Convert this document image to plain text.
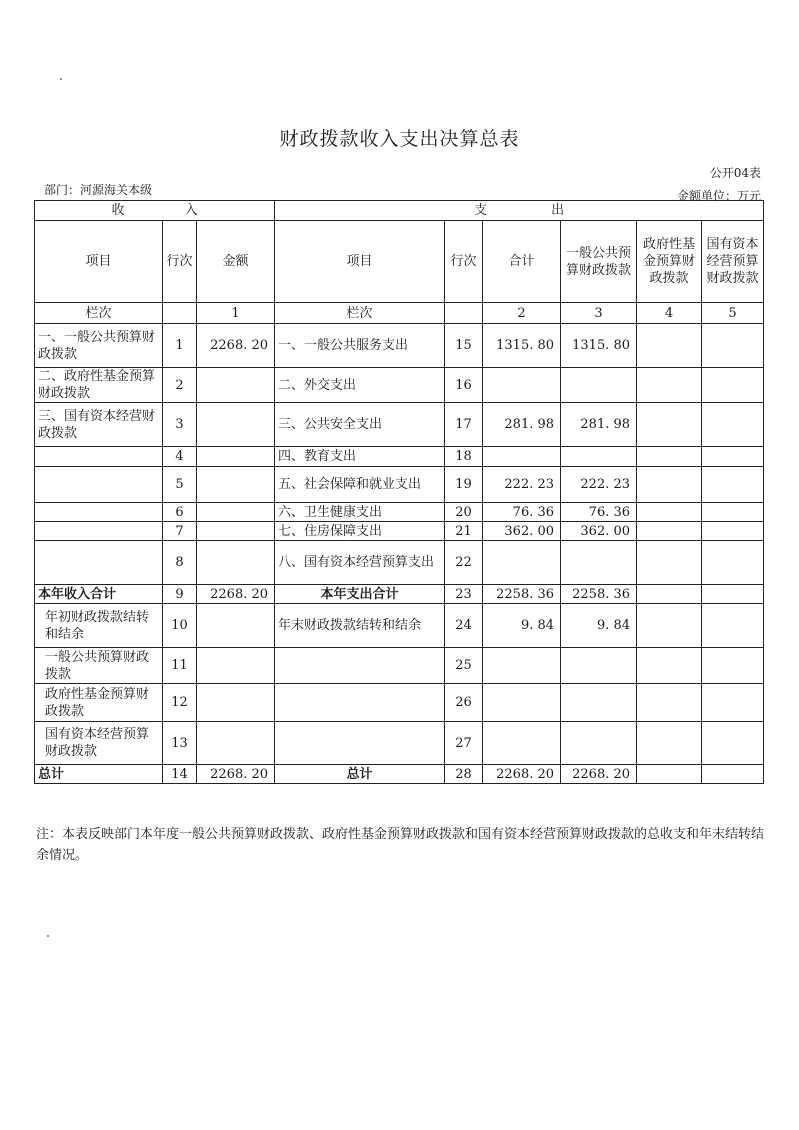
财政拨款收入支出决算总表
公开04表
部门：河源海关本级	金额单位：万元
收 入			支 出					
项目	行次	金额	项目	行次	合计	一般公共预算财政拨款	政府性基金预算财政拨款	国有资本经营预算财政拨款
栏次		1	栏次		2	3	4	5
一、一般公共预算财政拨款	1	2268. 20	一、一般公共服务支出	15	1315. 80	1315. 80		
二、政府性基金预算财政拨款	2		二、外交支出	16				
三、国有资本经营财政拨款	3		三、公共安全支出	17	281. 98	281. 98		
	4		四、教育支出	18				
	5		五、社会保障和就业支出	19	222. 23	222. 23		
	6		六、卫生健康支出	20	76. 36	76. 36		
	7		七、住房保障支出	21	362. 00	362. 00		
	8		八、国有资本经营预算支出	22				
本年收入合计	9	2268. 20	本年支出合计	23	2258. 36	2258. 36		
年初财政拨款结转和结余	10		年末财政拨款结转和结余	24	9. 84	9. 84		
一般公共预算财政拨款	11			25				
政府性基金预算财政拨款	12			26				
国有资本经营预算财政拨款	13			27				
总计	14	2268. 20	总计	28	2268. 20	2268. 20		
注：本表反映部门本年度一般公共预算财政拨款、政府性基金预算财政拨款和国有资本经营预算财政拨款的总收支和年末结转结余情况。
